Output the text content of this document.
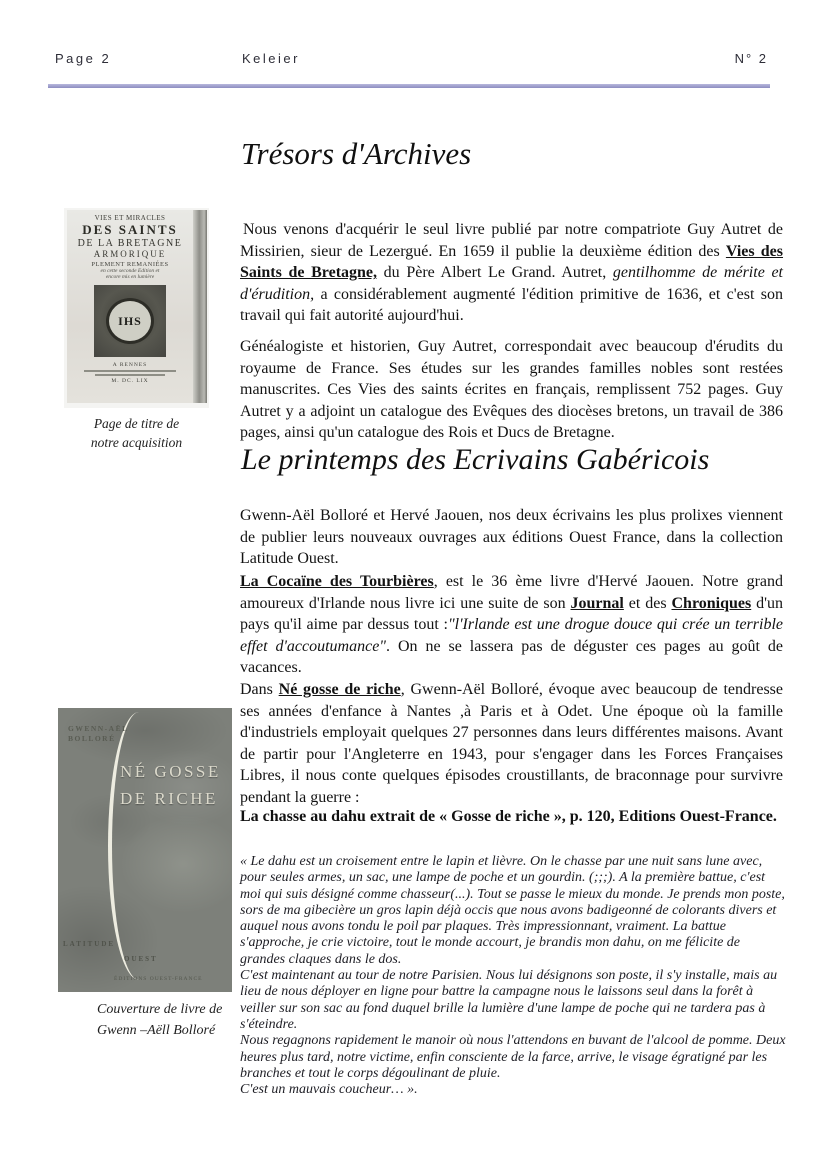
Page 2	Keleier	N° 2
VIES ET MIRACLES
DES SAINTS
DE LA BRETAGNE
ARMORIQUE
PLEMENT REMANIÉES
en cette seconde Edition et
encore mis en lumière
IHS
A RENNES
M. DC. LIX
Page de titre de
notre acquisition
Trésors d'Archives
Nous venons d'acquérir le seul livre publié par notre compatriote Guy Autret de Missirien, sieur de Lezergué. En 1659 il publie la deuxième édition des Vies des Saints de Bretagne, du Père Albert Le Grand. Autret, gentilhomme de mérite et d'érudition, a considérablement augmenté l'édition primitive de 1636, et c'est son travail qui fait autorité aujourd'hui.
Généalogiste et historien, Guy Autret, correspondait avec beaucoup d'érudits du royaume de France. Ses études sur les grandes familles nobles sont restées manuscrites. Ces Vies des saints écrites en français, remplissent 752 pages. Guy Autret y a adjoint un catalogue des Evêques des diocèses bretons, un travail de 386 pages, ainsi qu'un catalogue des Rois et Ducs de Bretagne.
Le printemps des Ecrivains Gabéricois
Gwenn-Aël Bolloré et Hervé Jaouen, nos deux écrivains les plus prolixes viennent de publier leurs nouveaux ouvrages aux éditions Ouest France, dans la collection Latitude Ouest.
La Cocaïne des Tourbières, est le 36 ème livre d'Hervé Jaouen. Notre grand amoureux d'Irlande nous livre ici une suite de son Journal et des Chroniques d'un pays qu'il aime par dessus tout :"l'Irlande est une drogue douce qui crée un terrible effet d'accoutumance". On ne se lassera pas de déguster ces pages au goût de vacances.
Dans Né gosse de riche, Gwenn-Aël Bolloré, évoque avec beaucoup de tendresse ses années d'enfance à Nantes ,à Paris et à Odet. Une époque où la famille d'industriels employait quelques 27 personnes dans leurs différentes maisons. Avant de partir pour l'Angleterre en 1943, pour s'engager dans les Forces Françaises Libres, il nous conte quelques épisodes croustillants, de braconnage pour survivre pendant la guerre :
La chasse au dahu extrait de « Gosse de riche », p. 120, Editions Ouest-France.

« Le dahu est un croisement entre le lapin et lièvre. On le chasse par une nuit sans lune avec, pour seules armes, un sac, une lampe de poche et un gourdin. (;;;). A la première battue, c'est moi qui suis désigné comme chasseur(...). Tout se passe le mieux du monde. Je prends mon poste, sors de ma gibecière un gros lapin déjà occis que nous avons badigeonné de colorants divers et auquel nous avons tondu le poil par plaques. Très impressionnant, vraiment. La battue s'approche, je crie victoire, tout le monde accourt, je brandis mon dahu, on me félicite de grandes claques dans le dos.

C'est maintenant au tour de notre Parisien. Nous lui désignons son poste, il s'y installe, mais au lieu de nous déployer en ligne pour battre la campagne nous le laissons seul dans la forêt à veiller sur son sac au fond duquel brille la lumière d'une lampe de poche qui ne tardera pas à s'éteindre.

Nous regagnons rapidement le manoir où nous l'attendons en buvant de l'alcool de pomme. Deux heures plus tard, notre victime, enfin consciente de la farce, arrive, le visage égratigné par les branches et tout le corps dégoulinant de pluie.

C'est un mauvais coucheur… ».

GWENN-AËL
BOLLORÉ
NÉ GOSSE
DE RICHE
LATITUDE
OUEST
ÉDITIONS OUEST-FRANCE
Couverture de livre de
Gwenn –Aëll Bolloré
